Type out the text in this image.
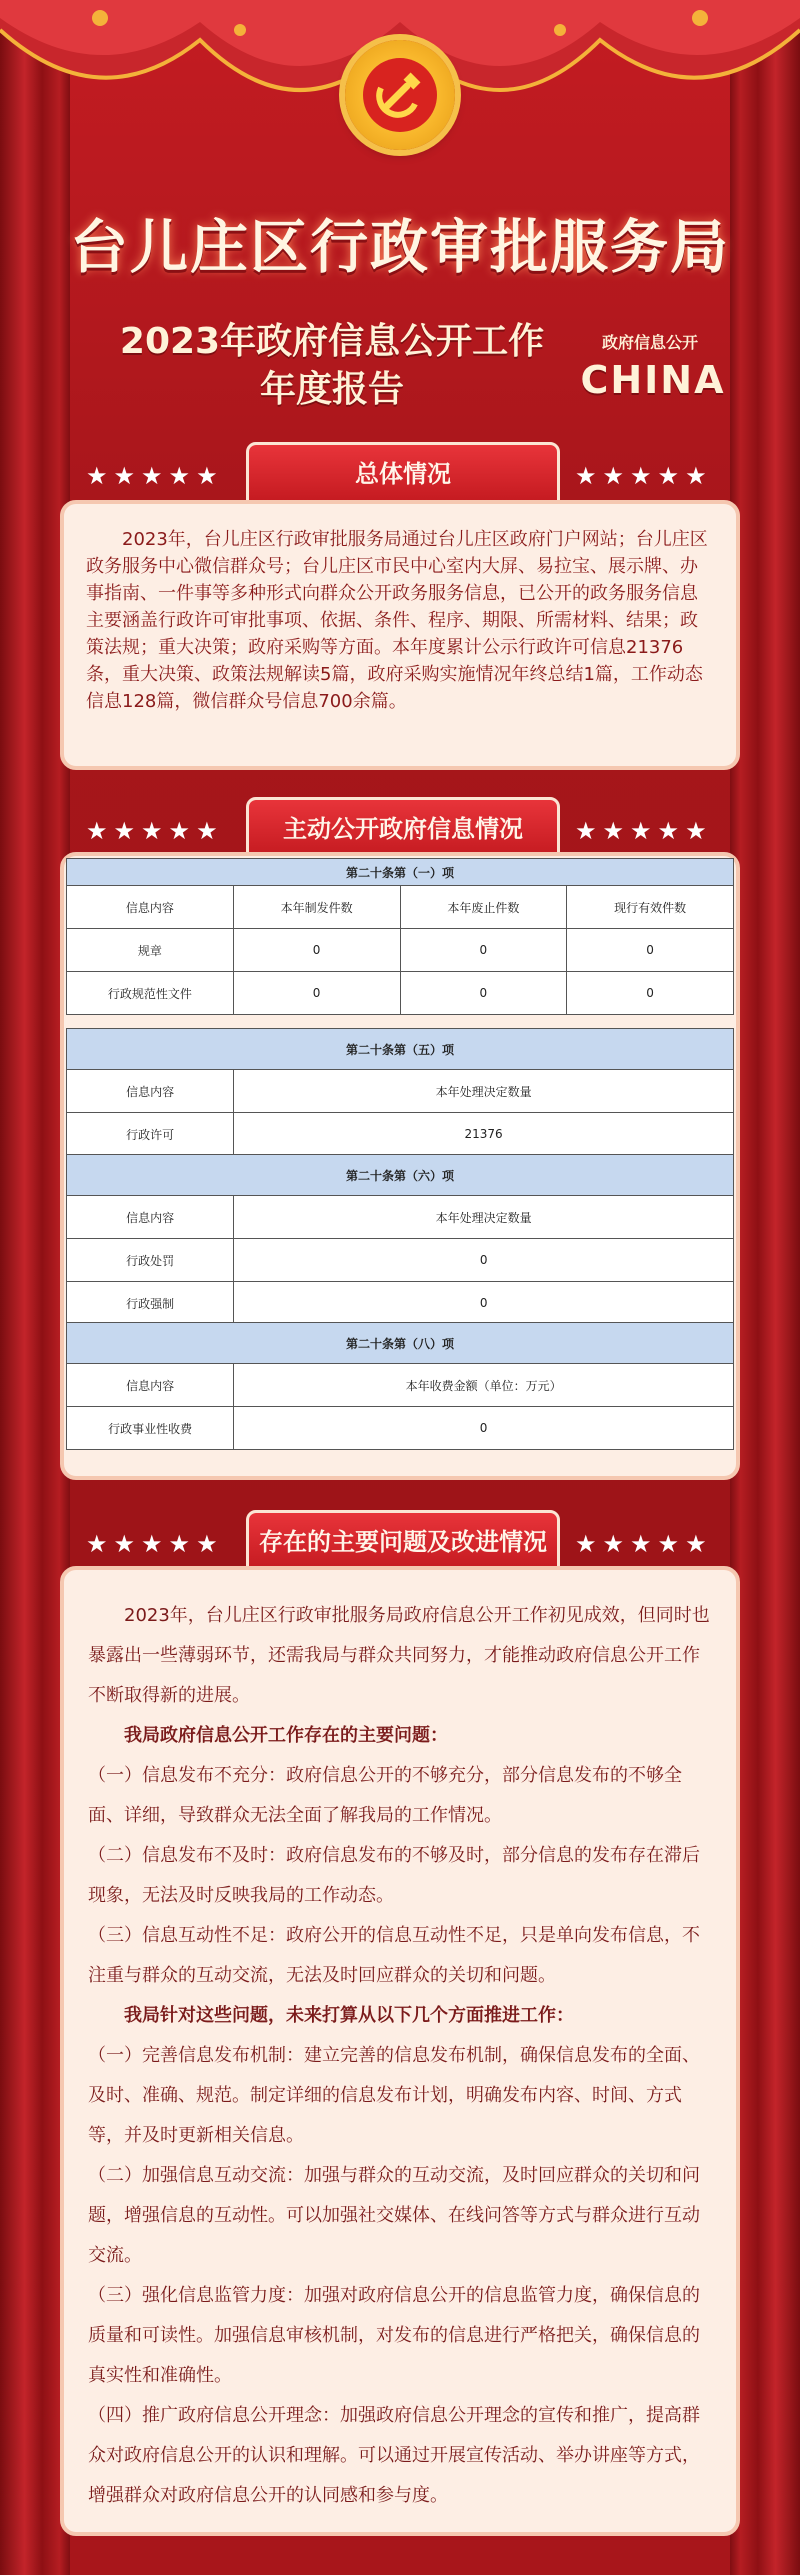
台儿庄区行政审批服务局
2023年政府信息公开工作
年度报告
政府信息公开
CHINA
★★★★★	总体情况	★★★★★

2023年，台儿庄区行政审批服务局通过台儿庄区政府门户网站；台儿庄区政务服务中心微信群众号；台儿庄区市民中心室内大屏、易拉宝、展示牌、办事指南、一件事等多种形式向群众公开政务服务信息，已公开的政务服务信息主要涵盖行政许可审批事项、依据、条件、程序、期限、所需材料、结果；政策法规；重大决策；政府采购等方面。本年度累计公示行政许可信息21376条，重大决策、政策法规解读5篇，政府采购实施情况年终总结1篇，工作动态信息128篇，微信群众号信息700余篇。

★★★★★	主动公开政府信息情况	★★★★★
第二十条第（一）项			
信息内容	本年制发件数	本年废止件数	现行有效件数
规章	0	0	0
行政规范性文件	0	0	0
第二十条第（五）项	
信息内容	本年处理决定数量
行政许可	21376
第二十条第（六）项	
信息内容	本年处理决定数量
行政处罚	0
行政强制	0
第二十条第（八）项	
信息内容	本年收费金额（单位：万元）
行政事业性收费	0
★★★★★	存在的主要问题及改进情况	★★★★★

2023年，台儿庄区行政审批服务局政府信息公开工作初见成效，但同时也暴露出一些薄弱环节，还需我局与群众共同努力，才能推动政府信息公开工作不断取得新的进展。

我局政府信息公开工作存在的主要问题：

（一）信息发布不充分：政府信息公开的不够充分，部分信息发布的不够全面、详细，导致群众无法全面了解我局的工作情况。

（二）信息发布不及时：政府信息发布的不够及时，部分信息的发布存在滞后现象，无法及时反映我局的工作动态。

（三）信息互动性不足：政府公开的信息互动性不足，只是单向发布信息，不注重与群众的互动交流，无法及时回应群众的关切和问题。

我局针对这些问题，未来打算从以下几个方面推进工作：

（一）完善信息发布机制：建立完善的信息发布机制，确保信息发布的全面、及时、准确、规范。制定详细的信息发布计划，明确发布内容、时间、方式等，并及时更新相关信息。

（二）加强信息互动交流：加强与群众的互动交流，及时回应群众的关切和问题，增强信息的互动性。可以加强社交媒体、在线问答等方式与群众进行互动交流。

（三）强化信息监管力度：加强对政府信息公开的信息监管力度，确保信息的质量和可读性。加强信息审核机制，对发布的信息进行严格把关，确保信息的真实性和准确性。

（四）推广政府信息公开理念：加强政府信息公开理念的宣传和推广，提高群众对政府信息公开的认识和理解。可以通过开展宣传活动、举办讲座等方式，增强群众对政府信息公开的认同感和参与度。
